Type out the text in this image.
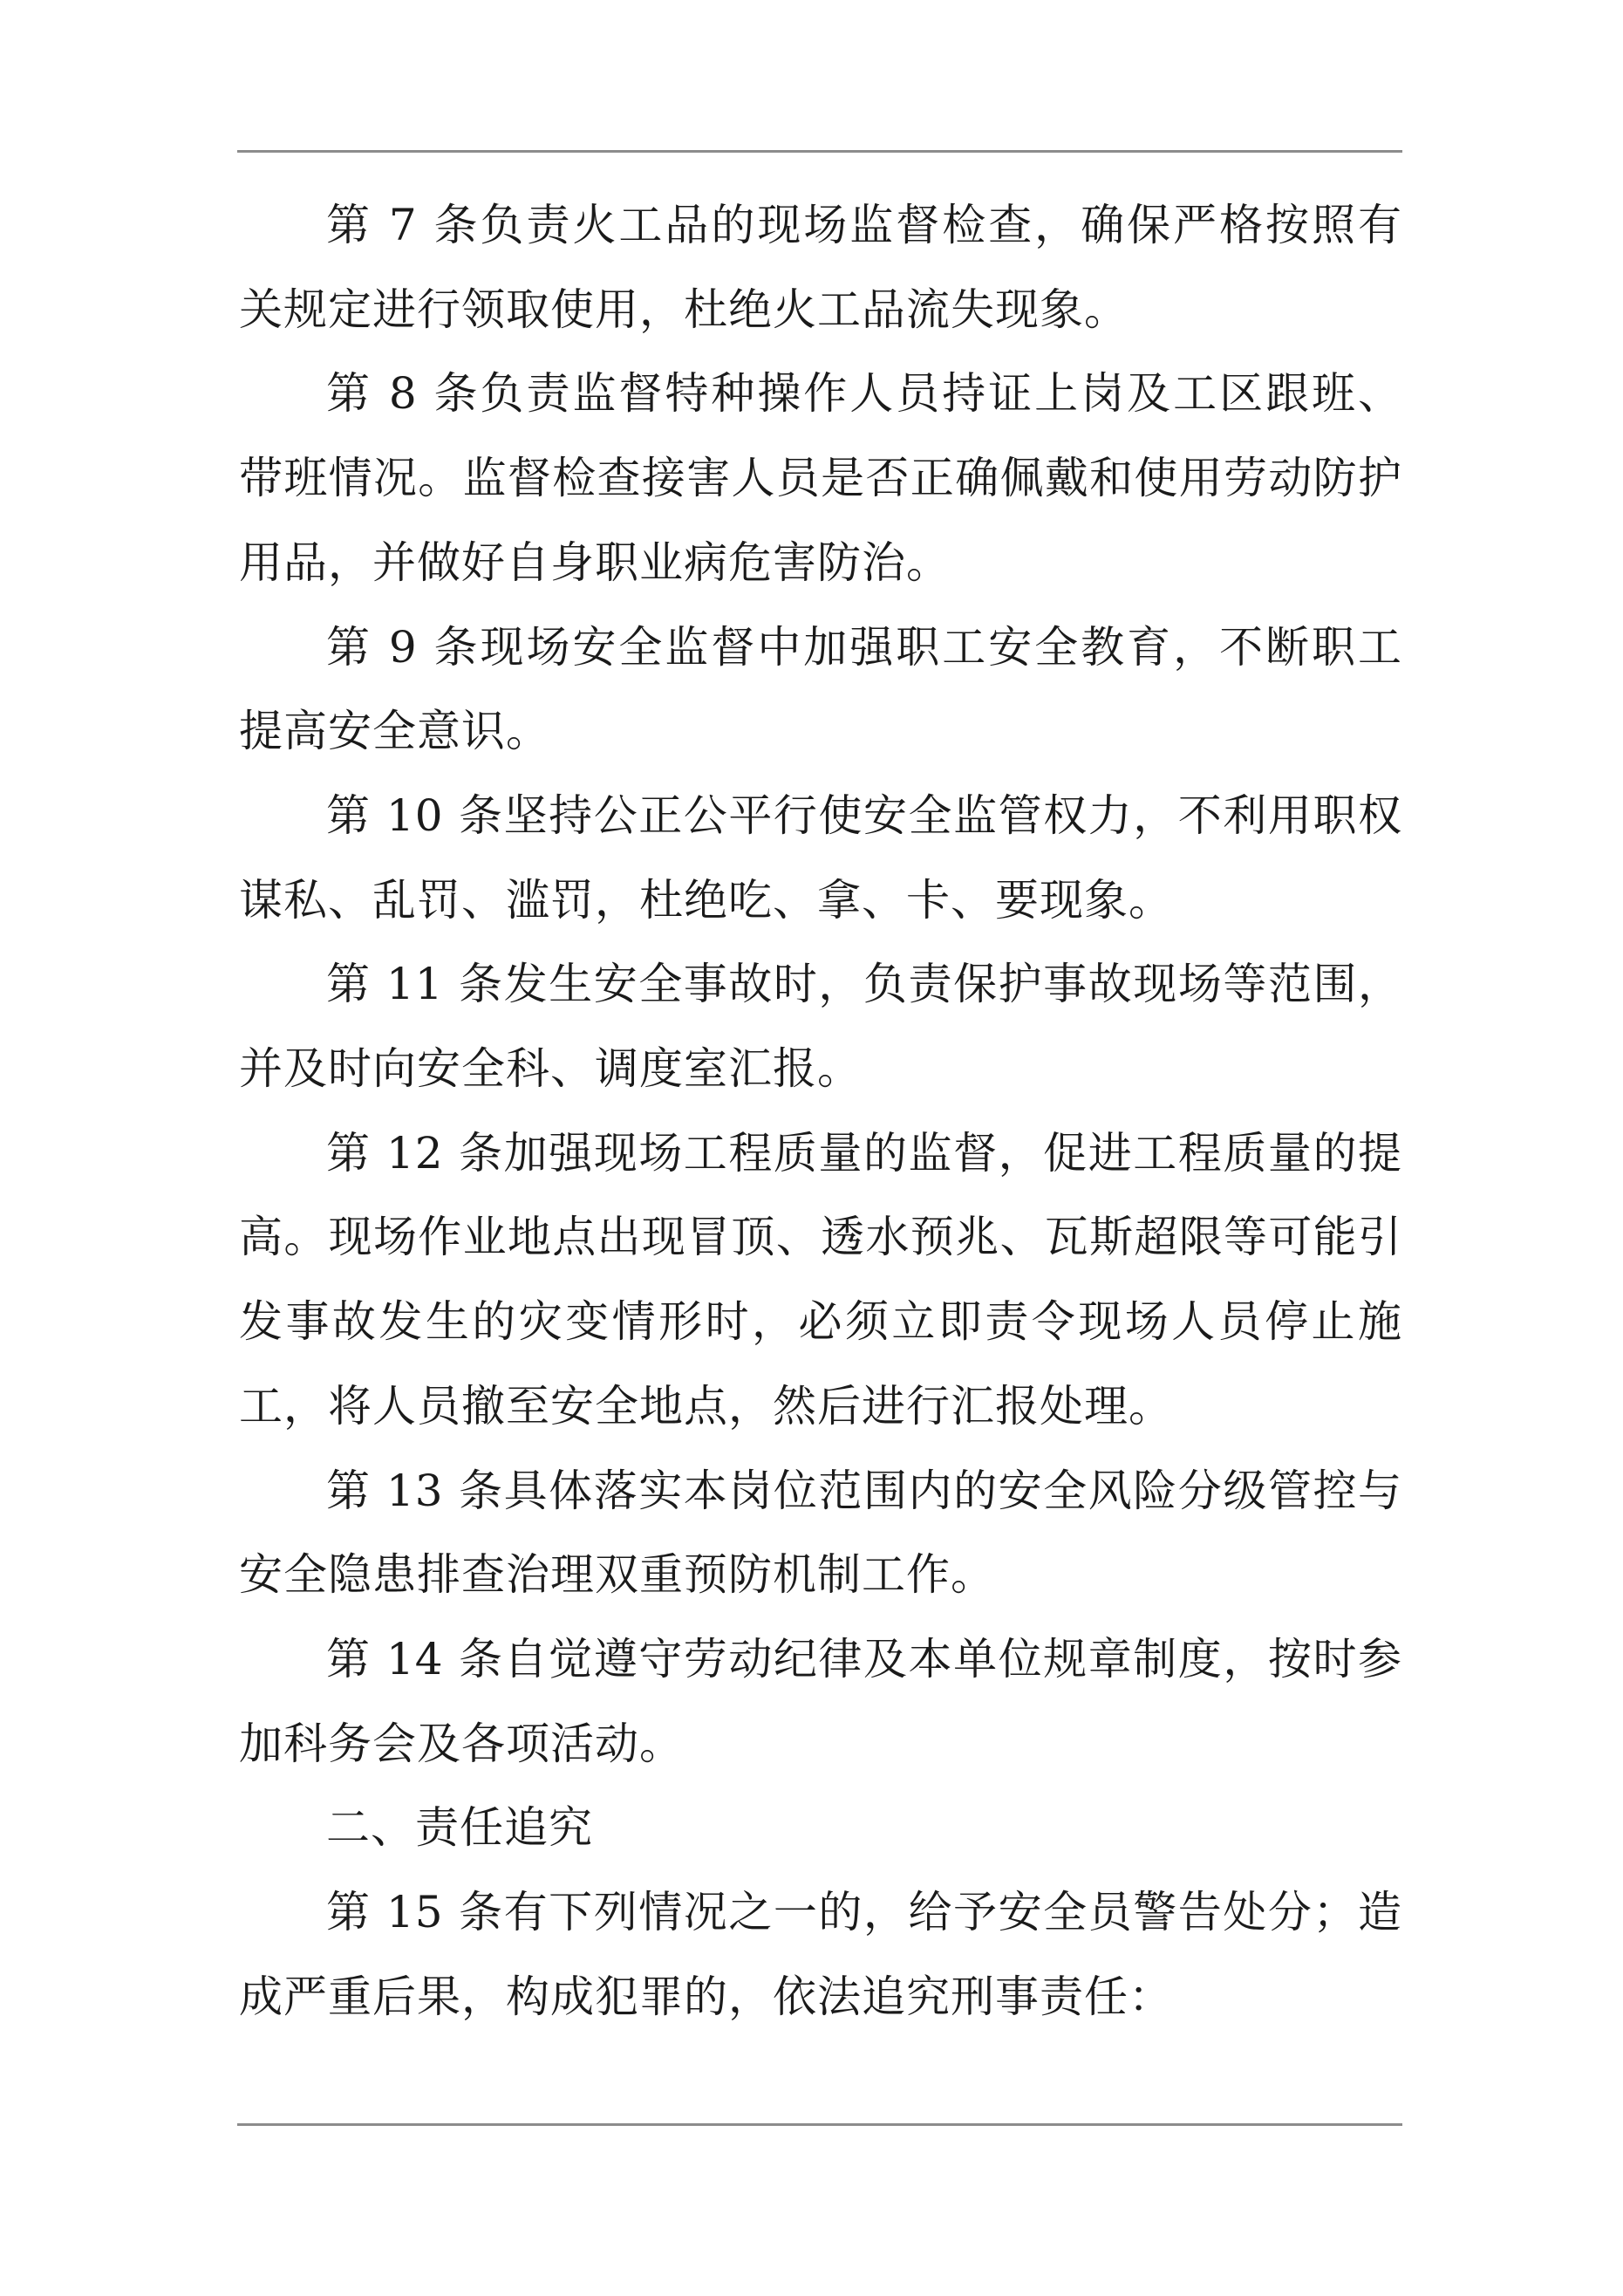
第 7 条负责火工品的现场监督检查，确保严格按照有关规定进行领取使用，杜绝火工品流失现象。

第 8 条负责监督特种操作人员持证上岗及工区跟班、带班情况。监督检查接害人员是否正确佩戴和使用劳动防护用品，并做好自身职业病危害防治。

第 9 条现场安全监督中加强职工安全教育，不断职工提高安全意识。

第 10 条坚持公正公平行使安全监管权力，不利用职权谋私、乱罚、滥罚，杜绝吃、拿、卡、要现象。

第 11 条发生安全事故时，负责保护事故现场等范围，并及时向安全科、调度室汇报。

第 12 条加强现场工程质量的监督，促进工程质量的提高。现场作业地点出现冒顶、透水预兆、瓦斯超限等可能引发事故发生的灾变情形时，必须立即责令现场人员停止施工，将人员撤至安全地点，然后进行汇报处理。

第 13 条具体落实本岗位范围内的安全风险分级管控与安全隐患排查治理双重预防机制工作。

第 14 条自觉遵守劳动纪律及本单位规章制度，按时参加科务会及各项活动。

二、责任追究

第 15 条有下列情况之一的，给予安全员警告处分；造成严重后果，构成犯罪的，依法追究刑事责任：
